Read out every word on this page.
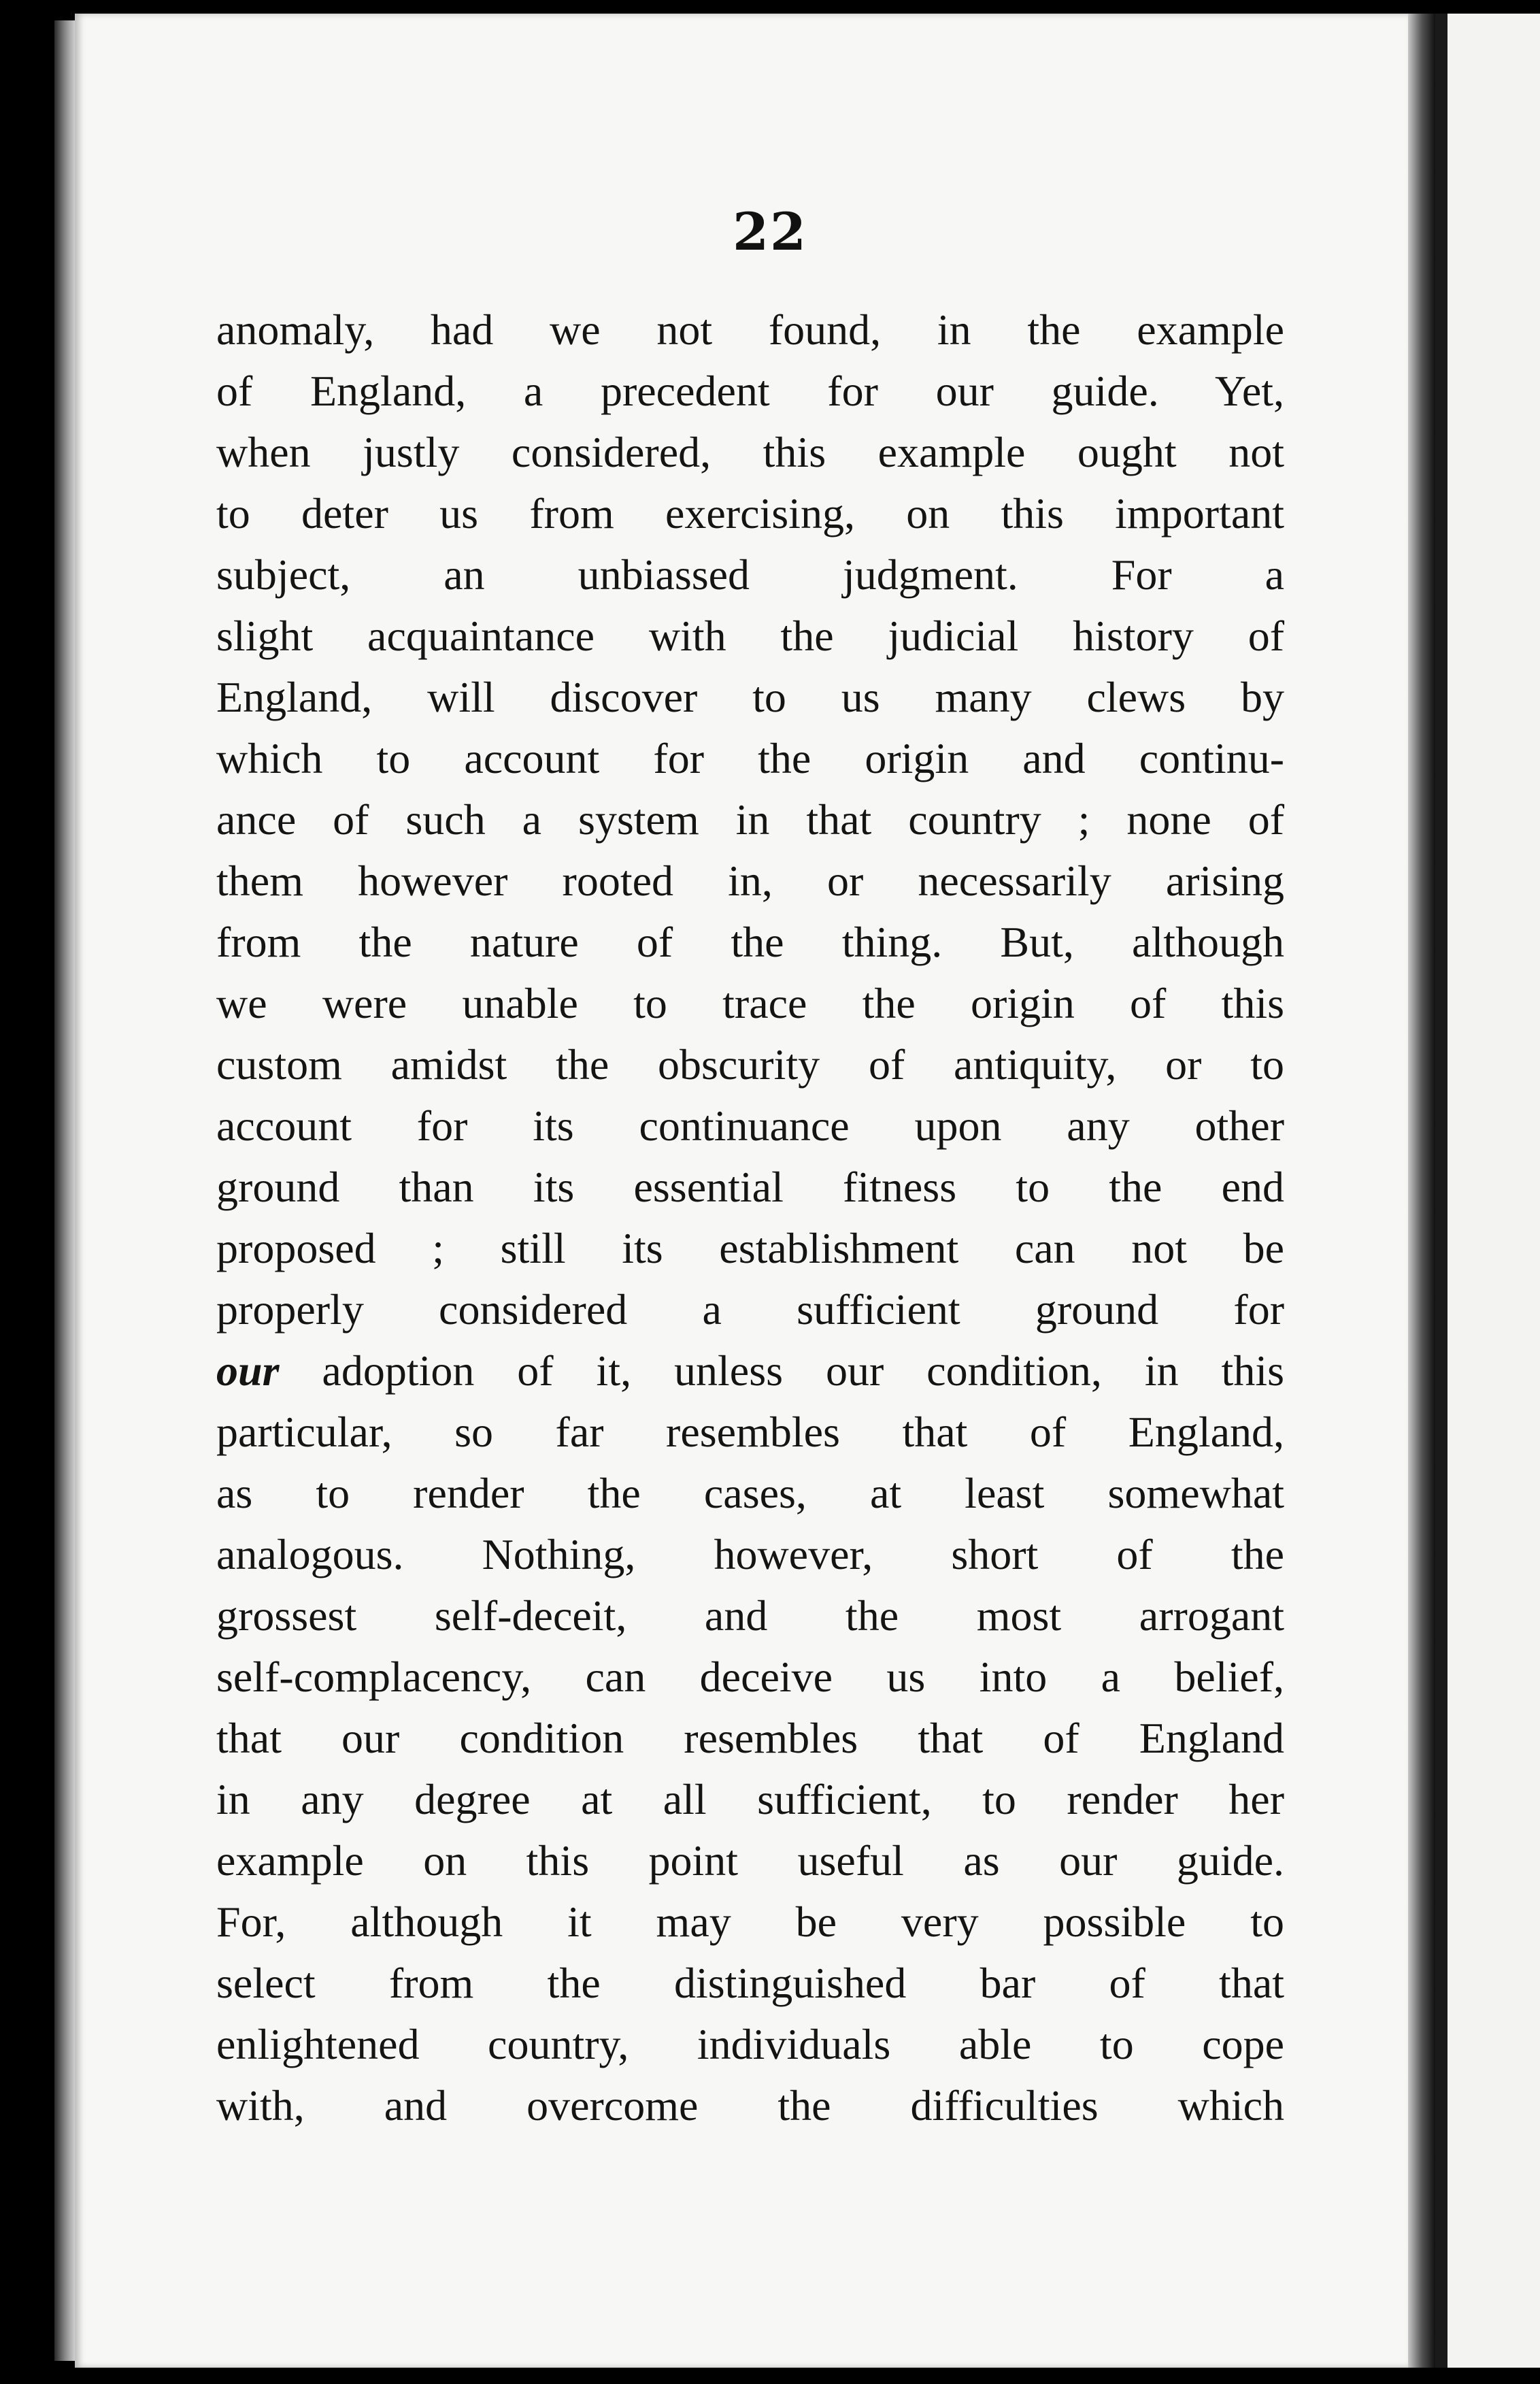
22
anomaly, had we not found, in the example
of England, a precedent for our guide. Yet,
when justly considered, this example ought not
to deter us from exercising, on this important
subject, an unbiassed judgment. For a
slight acquaintance with the judicial history of
England, will discover to us many clews by
which to account for the origin and continu-
ance of such a system in that country ; none of
them however rooted in, or necessarily arising
from the nature of the thing. But, although
we were unable to trace the origin of this
custom amidst the obscurity of antiquity, or to
account for its continuance upon any other
ground than its essential fitness to the end
proposed ; still its establishment can not be
properly considered a sufficient ground for
our adoption of it, unless our condition, in this
particular, so far resembles that of England,
as to render the cases, at least somewhat
analogous. Nothing, however, short of the
grossest self-deceit, and the most arrogant
self-complacency, can deceive us into a belief,
that our condition resembles that of England
in any degree at all sufficient, to render her
example on this point useful as our guide.
For, although it may be very possible to
select from the distinguished bar of that
enlightened country, individuals able to cope
with, and overcome the difficulties which
